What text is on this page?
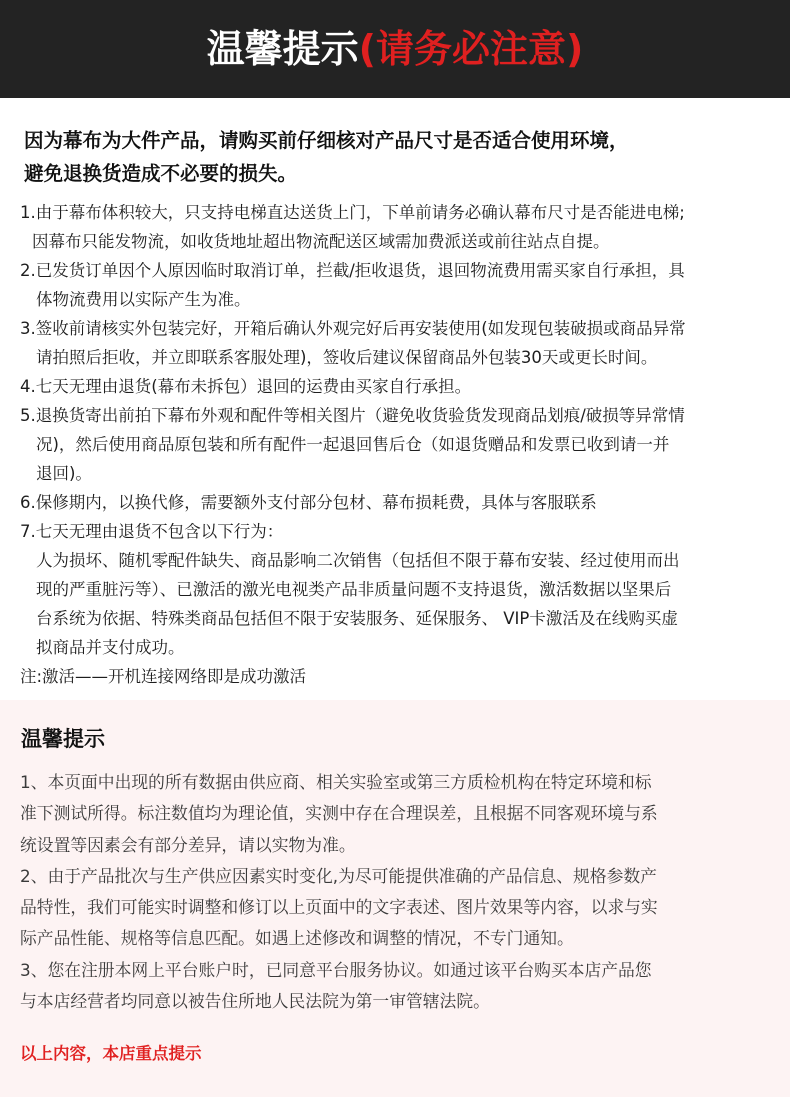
温馨提示(请务必注意)
因为幕布为大件产品，请购买前仔细核对产品尺寸是否适合使用环境，
避免退换货造成不必要的损失。
1.由于幕布体积较大，只支持电梯直达送货上门，下单前请务必确认幕布尺寸是否能进电梯;
因幕布只能发物流，如收货地址超出物流配送区域需加费派送或前往站点自提。
2.已发货订单因个人原因临时取消订单，拦截/拒收退货，退回物流费用需买家自行承担，具
体物流费用以实际产生为准。
3.签收前请核实外包装完好，开箱后确认外观完好后再安装使用(如发现包装破损或商品异常
请拍照后拒收，并立即联系客服处理)，签收后建议保留商品外包装30天或更长时间。
4.七天无理由退货(幕布未拆包）退回的运费由买家自行承担。
5.退换货寄出前拍下幕布外观和配件等相关图片（避免收货验货发现商品划痕/破损等异常情
况)，然后使用商品原包装和所有配件一起退回售后仓（如退货赠品和发票已收到请一并
退回)。
6.保修期内，以换代修，需要额外支付部分包材、幕布损耗费，具体与客服联系
7.七天无理由退货不包含以下行为：
人为损坏、随机零配件缺失、商品影响二次销售（包括但不限于幕布安装、经过使用而出
现的严重脏污等）、已激活的激光电视类产品非质量问题不支持退货，激活数据以坚果后
台系统为依据、特殊类商品包括但不限于安装服务、延保服务、 VIP卡激活及在线购买虚
拟商品并支付成功。
注:激活——开机连接网络即是成功激活
温馨提示
1、本页面中出现的所有数据由供应商、相关实验室或第三方质检机构在特定环境和标
准下测试所得。标注数值均为理论值，实测中存在合理误差，且根据不同客观环境与系
统设置等因素会有部分差异，请以实物为准。
2、由于产品批次与生产供应因素实时变化,为尽可能提供准确的产品信息、规格参数产
品特性，我们可能实时调整和修订以上页面中的文字表述、图片效果等内容，以求与实
际产品性能、规格等信息匹配。如遇上述修改和调整的情况，不专门通知。
3、您在注册本网上平台账户时，已同意平台服务协议。如通过该平台购买本店产品您
与本店经营者均同意以被告住所地人民法院为第一审管辖法院。
以上内容，本店重点提示
